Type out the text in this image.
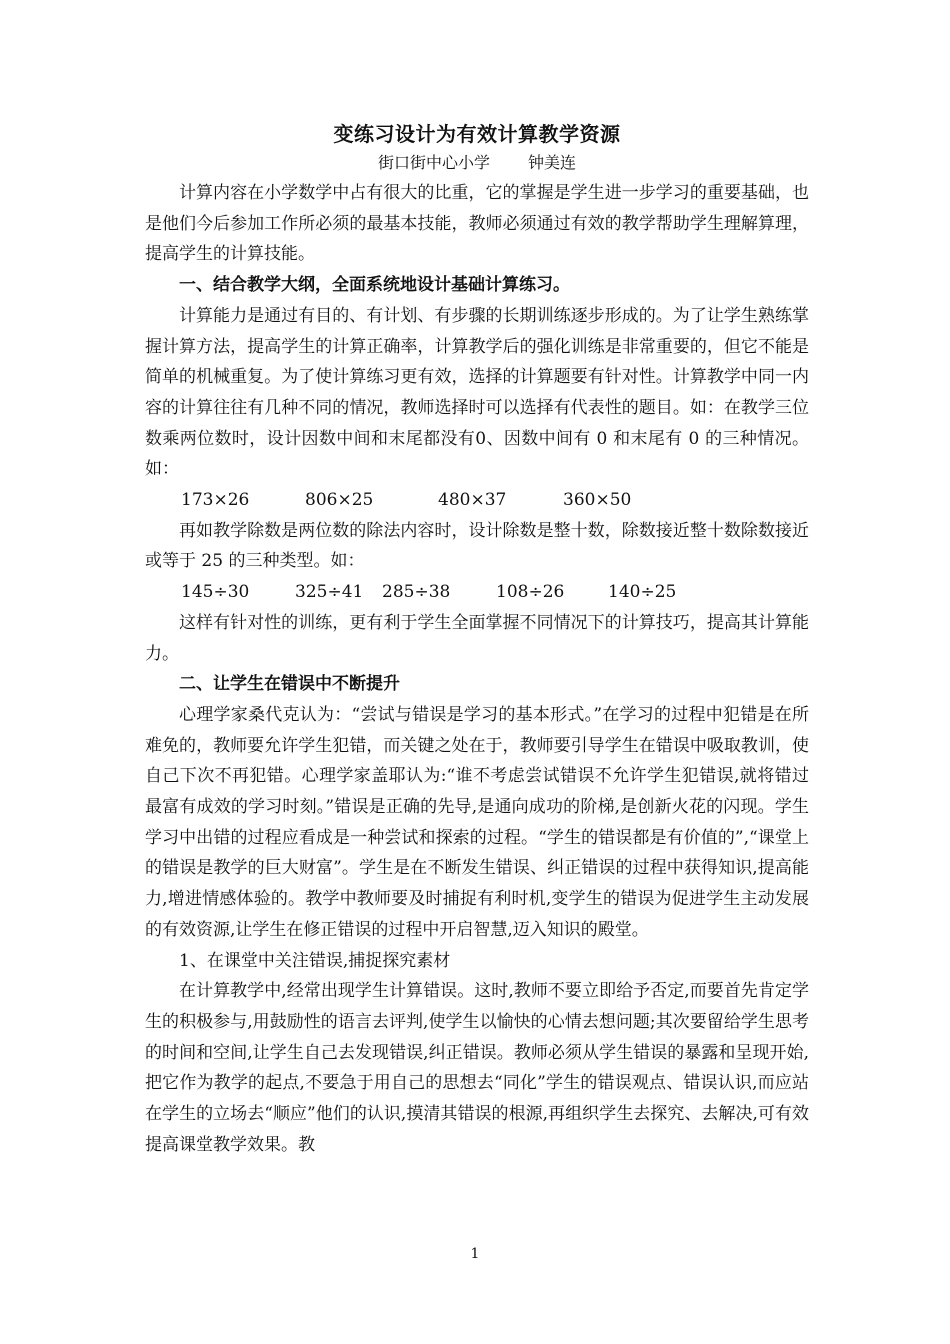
变练习设计为有效计算教学资源
街口街中心小学 钟美连

计算内容在小学数学中占有很大的比重，它的掌握是学生进一步学习的重要基础，也是他们今后参加工作所必须的最基本技能，教师必须通过有效的教学帮助学生理解算理，提高学生的计算技能。

一、结合教学大纲，全面系统地设计基础计算练习。

计算能力是通过有目的、有计划、有步骤的长期训练逐步形成的。为了让学生熟练掌握计算方法，提高学生的计算正确率，计算教学后的强化训练是非常重要的，但它不能是简单的机械重复。为了使计算练习更有效，选择的计算题要有针对性。计算教学中同一内容的计算往往有几种不同的情况，教师选择时可以选择有代表性的题目。如：在教学三位数乘两位数时，设计因数中间和末尾都没有0、因数中间有 0 和末尾有 0 的三种情况。如：

173×26	806×25	480×37	360×50

再如教学除数是两位数的除法内容时，设计除数是整十数，除数接近整十数除数接近或等于 25 的三种类型。如：

145÷30	325÷41	285÷38	108÷26	140÷25

这样有针对性的训练，更有利于学生全面掌握不同情况下的计算技巧，提高其计算能力。

二、让学生在错误中不断提升

心理学家桑代克认为：“尝试与错误是学习的基本形式。”在学习的过程中犯错是在所难免的，教师要允许学生犯错，而关键之处在于，教师要引导学生在错误中吸取教训，使自己下次不再犯错。心理学家盖耶认为:“谁不考虑尝试错误不允许学生犯错误,就将错过最富有成效的学习时刻。”错误是正确的先导,是通向成功的阶梯,是创新火花的闪现。学生学习中出错的过程应看成是一种尝试和探索的过程。“学生的错误都是有价值的”,“课堂上的错误是教学的巨大财富”。学生是在不断发生错误、纠正错误的过程中获得知识,提高能力,增进情感体验的。教学中教师要及时捕捉有利时机,变学生的错误为促进学生主动发展的有效资源,让学生在修正错误的过程中开启智慧,迈入知识的殿堂。

1、在课堂中关注错误,捕捉探究素材

在计算教学中,经常出现学生计算错误。这时,教师不要立即给予否定,而要首先肯定学生的积极参与,用鼓励性的语言去评判,使学生以愉快的心情去想问题;其次要留给学生思考的时间和空间,让学生自己去发现错误,纠正错误。教师必须从学生错误的暴露和呈现开始,把它作为教学的起点,不要急于用自己的思想去“同化”学生的错误观点、错误认识,而应站在学生的立场去“顺应”他们的认识,摸清其错误的根源,再组织学生去探究、去解决,可有效提高课堂教学效果。教

1
